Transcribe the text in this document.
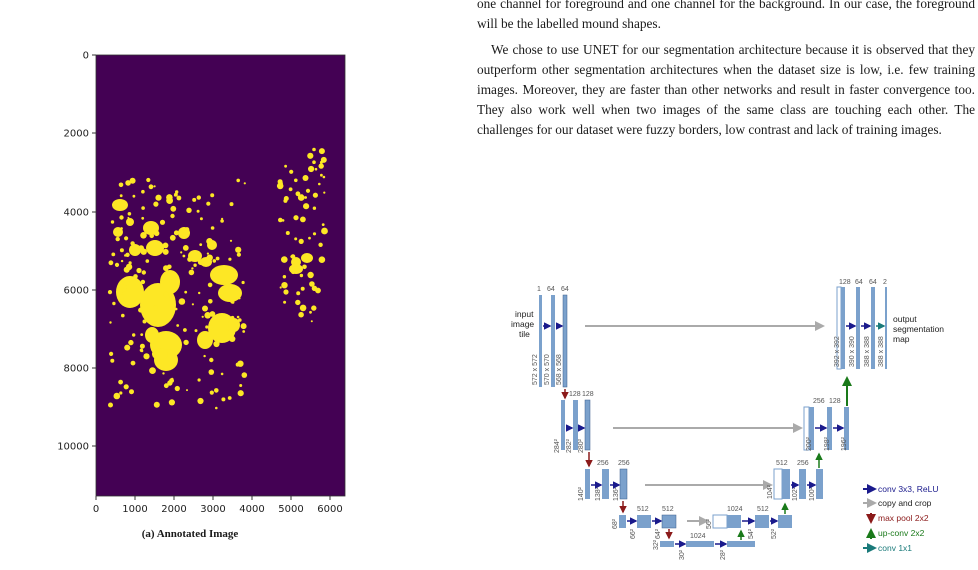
0
2000
4000
6000
8000
10000
0 1000 2000 3000 4000 5000 6000
(a) Annotated Image

one channel for foreground and one channel for the background. In our case, the foreground will be the labelled mound shapes.

We chose to use UNET for our segmentation architecture because it is observed that they outperform other segmentation architectures when the dataset size is low, i.e. few training images. Moreover, they are faster than other networks and result in faster convergence too. They also work well when two images of the same class are touching each other. The challenges for our dataset were fuzzy borders, low contrast and lack of training images.

input
image
tile
1 64 64
572 x 572 570 x 570 568 x 568
128 128
284² 282² 280²
256 256
140² 138² 136²
512 512
68²
66²	64²	1024
32²
30²	28²
1024 512
56²
54² 52²
512 256
104²	102² 100²
256 128
200² 198² 196²
128 64 64 2
392 x 392 390 x 390 388 x 388 388 x 388
output
segmentation
map
conv 3x3, ReLU
copy and crop
max pool 2x2
up-conv 2x2
conv 1x1
